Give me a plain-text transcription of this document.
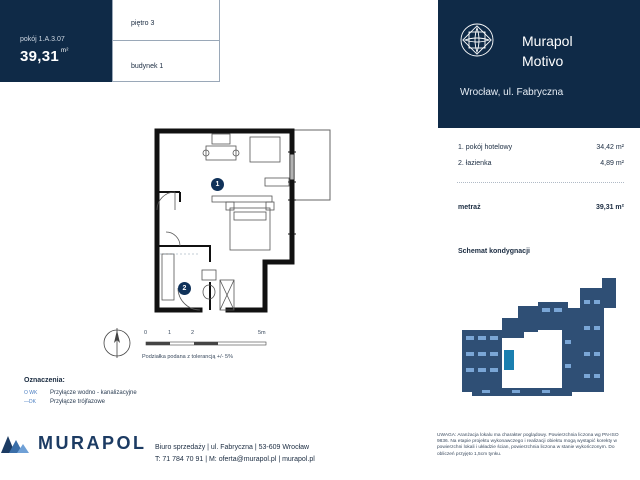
pokój 1.A.3.07
39,31 $^{m^2}$
piętro 3
budynek 1
Murapol
Motivo
Wrocław, ul. Fabryczna
1. pokój hotelowy	34,42 m²
2. łazienka	4,89 m²
metraż	39,31 m²
Schemat kondygnacji
1
2
0	1	2	5m
Podziałka podana z tolerancją +/- 5%
Oznaczenia:
O WK	Przyłącze wodno - kanalizacyjne
—DK	Przyłącze trójfazowe
MURAPOL Biuro sprzedaży | ul. Fabryczna | 53-609 Wrocław
T: 71 784 70 91 | M: oferta@murapol.pl | murapol.pl
UWAGA: Aranżacja lokalu ma charakter poglądowy. Powierzchnia liczona wg PN-ISO 9836. Na etapie projektu wykonawczego i realizacji obiektu mogą wystąpić korekty w powierzchni lokali i układzie ścian, powierzchnia liczona w stanie wykończonym. Do obliczeń przyjęto 1,5cm tynku.
